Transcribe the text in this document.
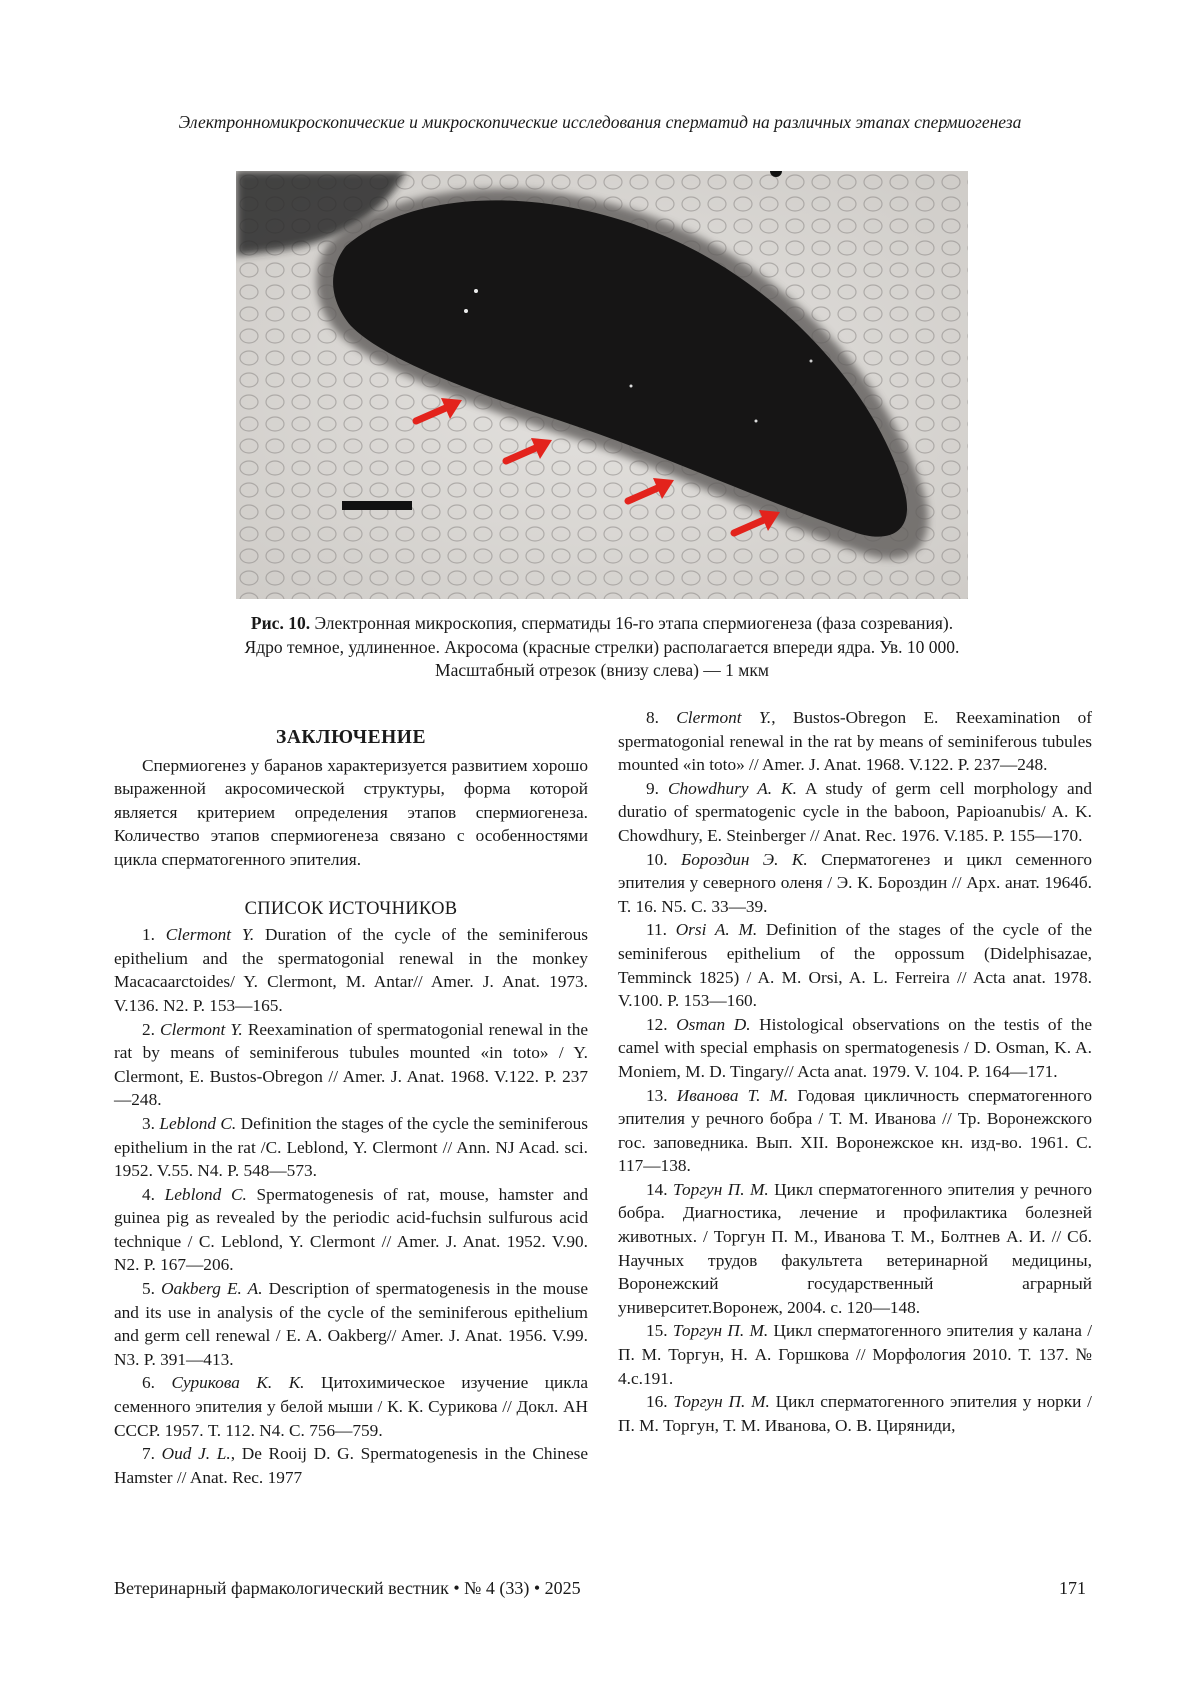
Электронномикроскопические и микроскопические исследования сперматид на различных этапах спермиогенеза
Рис. 10. Электронная микроскопия, сперматиды 16-го этапа спермиогенеза (фаза созревания). Ядро темное, удлиненное. Акросома (красные стрелки) располагается впереди ядра. Ув. 10 000. Масштабный отрезок (внизу слева) — 1 мкм
ЗАКЛЮЧЕНИЕ

Спермиогенез у баранов характеризуется развитием хорошо выраженной акросомической структуры, форма которой является критерием определения этапов спермиогенеза. Количество этапов спермиогенеза связано с особенностями цикла сперматогенного эпителия.

СПИСОК ИСТОЧНИКОВ

1. Clermont Y. Duration of the cycle of the seminiferous epithelium and the spermatogonial renewal in the monkey Macacaarctoides/ Y. Clermont, M. Antar// Amer. J. Anat. 1973. V.136. N2. P. 153—165.

2. Clermont Y. Reexamination of spermatogonial renewal in the rat by means of seminiferous tubules mounted «in toto» / Y. Clermont, E. Bustos-Obregon // Amer. J. Anat. 1968. V.122. P. 237—248.

3. Leblond C. Definition the stages of the cycle the seminiferous epithelium in the rat /C. Leblond, Y. Clermont // Ann. NJ Acad. sci. 1952. V.55. N4. P. 548—573.

4. Leblond C. Spermatogenesis of rat, mouse, hamster and guinea pig as revealed by the periodic acid-fuchsin sulfurous acid technique / C. Leblond, Y. Clermont // Amer. J. Anat. 1952. V.90. N2. P. 167—206.

5. Oakberg E. A. Description of spermatogenesis in the mouse and its use in analysis of the cycle of the seminiferous epithelium and germ cell renewal / E. A. Oakberg// Amer. J. Anat. 1956. V.99. N3. P. 391—413.

6. Сурикова К. К. Цитохимическое изучение цикла семенного эпителия у белой мыши / К. К. Сурикова // Докл. АН СССР. 1957. Т. 112. N4. С. 756—759.

7. Oud J. L., De Rooij D. G. Spermatogenesis in the Chinese Hamster // Anat. Rec. 1977

8. Clermont Y., Bustos-Obregon E. Reexamination of spermatogonial renewal in the rat by means of seminiferous tubules mounted «in toto» // Amer. J. Anat. 1968. V.122. P. 237—248.

9. Chowdhury A. K. A study of germ cell morphology and duratio of spermatogenic cycle in the baboon, Papioanubis/ A. K. Chowdhury, E. Steinberger // Anat. Rec. 1976. V.185. P. 155—170.

10. Бороздин Э. К. Сперматогенез и цикл семенного эпителия у северного оленя / Э. К. Бороздин // Арх. анат. 1964б. Т. 16. N5. С. 33—39.

11. Orsi A. M. Definition of the stages of the cycle of the seminiferous epithelium of the oppossum (Didelphisazae, Temminck 1825) / A. M. Orsi, A. L. Ferreira // Acta anat. 1978. V.100. P. 153—160.

12. Osman D. Histological observations on the testis of the camel with special emphasis on spermatogenesis / D. Osman, K. A. Moniem, M. D. Tingary// Acta anat. 1979. V. 104. P. 164—171.

13. Иванова Т. М. Годовая цикличность сперматогенного эпителия у речного бобра / Т. М. Иванова // Тр. Воронежского гос. заповедника. Вып. XII. Воронежское кн. изд-во. 1961. С. 117—138.

14. Торгун П. М. Цикл сперматогенного эпителия у речного бобра. Диагностика, лечение и профилактика болезней животных. / Торгун П. М., Иванова Т. М., Болтнев А. И. // Сб. Научных трудов факультета ветеринарной медицины, Воронежский государственный аграрный университет.Воронеж, 2004. с. 120—148.

15. Торгун П. М. Цикл сперматогенного эпителия у калана / П. М. Торгун, Н. А. Горшкова // Морфология 2010. Т. 137. № 4.с.191.

16. Торгун П. М. Цикл сперматогенного эпителия у норки / П. М. Торгун, Т. М. Иванова, О. В. Циряниди,

Ветеринарный фармакологический вестник • № 4 (33) • 2025	171
